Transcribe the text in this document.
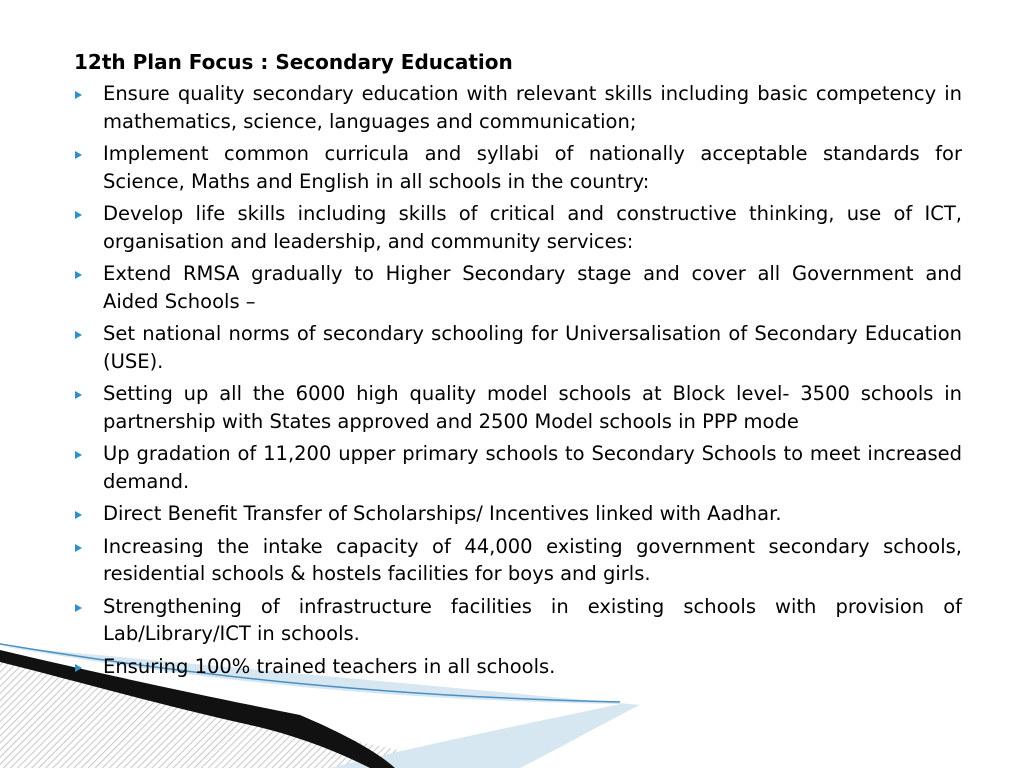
12th Plan Focus : Secondary Education
Ensure quality secondary education with relevant skills including basic competency in mathematics, science, languages and communication;
Implement common curricula and syllabi of nationally acceptable standards for Science, Maths and English in all schools in the country:
Develop life skills including skills of critical and constructive thinking, use of ICT, organisation and leadership, and community services:
Extend RMSA gradually to Higher Secondary stage and cover all Government and Aided Schools –
Set national norms of secondary schooling for Universalisation of Secondary Education (USE).
Setting up all the 6000 high quality model schools at Block level- 3500 schools in partnership with States approved and 2500 Model schools in PPP mode
Up gradation of 11,200 upper primary schools to Secondary Schools to meet increased demand.
Direct Benefit Transfer of Scholarships/ Incentives linked with Aadhar.
Increasing the intake capacity of 44,000 existing government secondary schools, residential schools & hostels facilities for boys and girls.
Strengthening of infrastructure facilities in existing schools with provision of Lab/Library/ICT in schools.
Ensuring 100% trained teachers in all schools.
